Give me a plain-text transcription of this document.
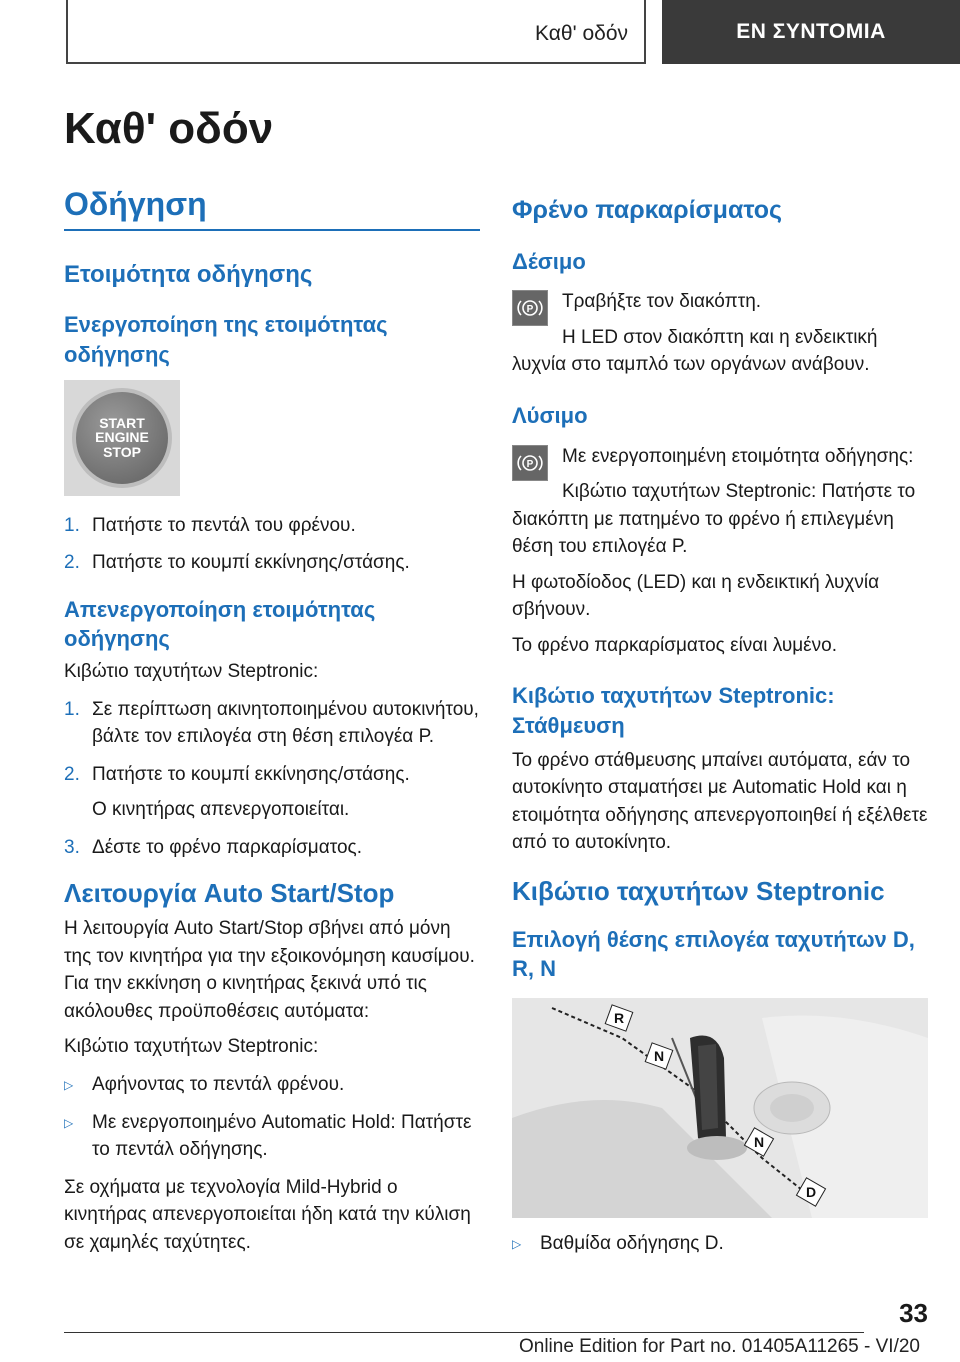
Καθ' οδόν	ΕΝ ΣΥΝΤΟΜΙΑ
Καθ' οδόν
Οδήγηση
Ετοιμότητα οδήγησης
Ενεργοποίηση της ετοιμότητας οδήγησης
START
ENGINE
STOP
1. Πατήστε το πεντάλ του φρένου.
2. Πατήστε το κουμπί εκκίνησης/στάσης.
Απενεργοποίηση ετοιμότητας οδήγησης

Κιβώτιο ταχυτήτων Steptronic:

1. Σε περίπτωση ακινητοποιημένου αυτοκινήτου, βάλτε τον επιλογέα στη θέση επιλογέα P.
2. Πατήστε το κουμπί εκκίνησης/στάσης.
Ο κινητήρας απενεργοποιείται.
3. Δέστε το φρένο παρκαρίσματος.
Λειτουργία Auto Start/Stop

Η λειτουργία Auto Start/Stop σβήνει από μόνη της τον κινητήρα για την εξοικονόμηση καυσίμου. Για την εκκίνηση ο κινητήρας ξεκινά υπό τις ακόλουθες προϋποθέσεις αυτόματα:

Κιβώτιο ταχυτήτων Steptronic:

▷ Αφήνοντας το πεντάλ φρένου.
▷ Με ενεργοποιημένο Automatic Hold: Πατήστε το πεντάλ οδήγησης.

Σε οχήματα με τεχνολογία Mild-Hybrid ο κινητήρας απενεργοποιείται ήδη κατά την κύλιση σε χαμηλές ταχύτητες.

Φρένο παρκαρίσματος
Δέσιμο
P	Τραβήξτε τον διακόπτη.

Η LED στον διακόπτη και η ενδεικτική λυχνία στο ταμπλό των οργάνων ανάβουν.

Λύσιμο
P	Με ενεργοποιημένη ετοιμότητα οδήγησης:

Κιβώτιο ταχυτήτων Steptronic: Πατήστε το διακόπτη με πατημένο το φρένο ή επιλεγμένη θέση του επιλογέα P.

Η φωτοδίοδος (LED) και η ενδεικτική λυχνία σβήνουν.

Το φρένο παρκαρίσματος είναι λυμένο.

Κιβώτιο ταχυτήτων Steptronic: Στάθμευση

Το φρένο στάθμευσης μπαίνει αυτόματα, εάν το αυτοκίνητο σταματήσει με Automatic Hold και η ετοιμότητα οδήγησης απενεργοποιηθεί ή εξέλθετε από το αυτοκίνητο.

Κιβώτιο ταχυτήτων Steptronic
Επιλογή θέσης επιλογέα ταχυτήτων D, R, N
R
N
N
D
▷ Βαθμίδα οδήγησης D.
33
Online Edition for Part no. 01405A11265 - VI/20
